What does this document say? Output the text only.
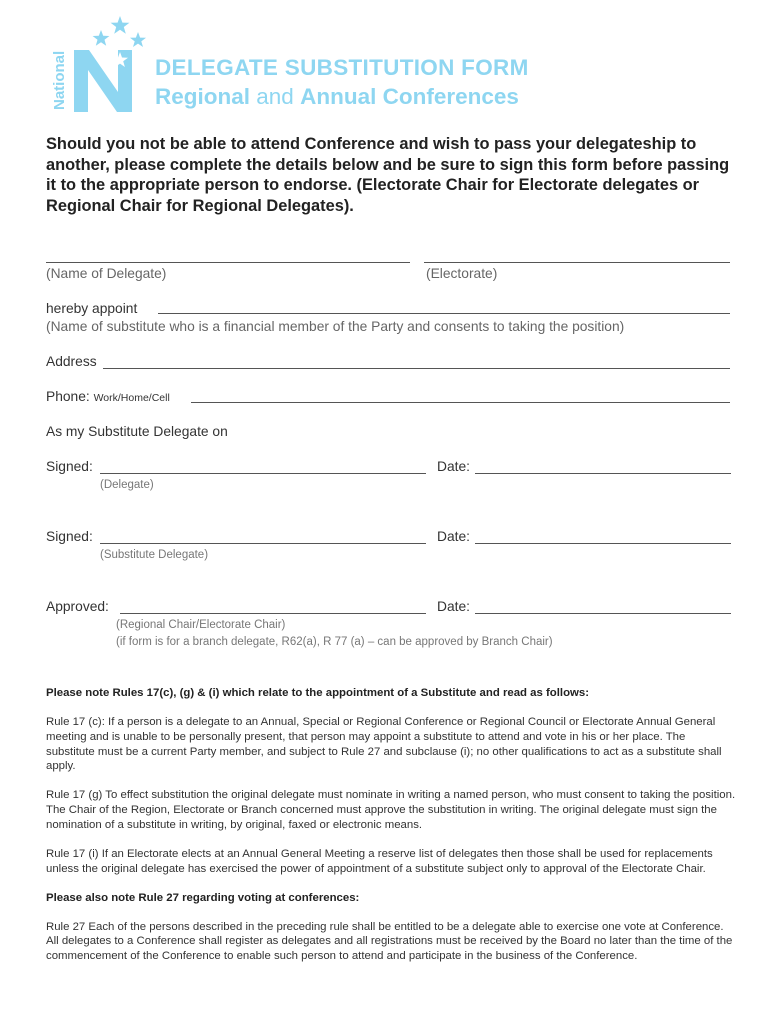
National	DELEGATE SUBSTITUTION FORM
Regional and Annual Conferences
Should you not be able to attend Conference and wish to pass your delegateship to another, please complete the details below and be sure to sign this form before passing it to the appropriate person to endorse. (Electorate Chair for Electorate delegates or Regional Chair for Regional Delegates).
(Name of Delegate)	(Electorate)
hereby appoint
(Name of substitute who is a financial member of the Party and consents to taking the position)
Address
Phone: Work/Home/Cell
As my Substitute Delegate on
Signed:	Date:
(Delegate)
Signed:	Date:
(Substitute Delegate)
Approved:	Date:
(Regional Chair/Electorate Chair)
(if form is for a branch delegate, R62(a), R 77 (a) – can be approved by Branch Chair)

Please note Rules 17(c), (g) & (i) which relate to the appointment of a Substitute and read as follows:

Rule 17 (c): If a person is a delegate to an Annual, Special or Regional Conference or Regional Council or Electorate Annual General meeting and is unable to be personally present, that person may appoint a substitute to attend and vote in his or her place. The substitute must be a current Party member, and subject to Rule 27 and subclause (i); no other qualifications to act as a substitute shall apply.

Rule 17 (g) To effect substitution the original delegate must nominate in writing a named person, who must consent to taking the position. The Chair of the Region, Electorate or Branch concerned must approve the substitution in writing. The original delegate must sign the nomination of a substitute in writing, by original, faxed or electronic means.

Rule 17 (i) If an Electorate elects at an Annual General Meeting a reserve list of delegates then those shall be used for replacements unless the original delegate has exercised the power of appointment of a substitute subject only to approval of the Electorate Chair.

Please also note Rule 27 regarding voting at conferences:

Rule 27 Each of the persons described in the preceding rule shall be entitled to be a delegate able to exercise one vote at Conference. All delegates to a Conference shall register as delegates and all registrations must be received by the Board no later than the time of the commencement of the Conference to enable such person to attend and participate in the business of the Conference.
